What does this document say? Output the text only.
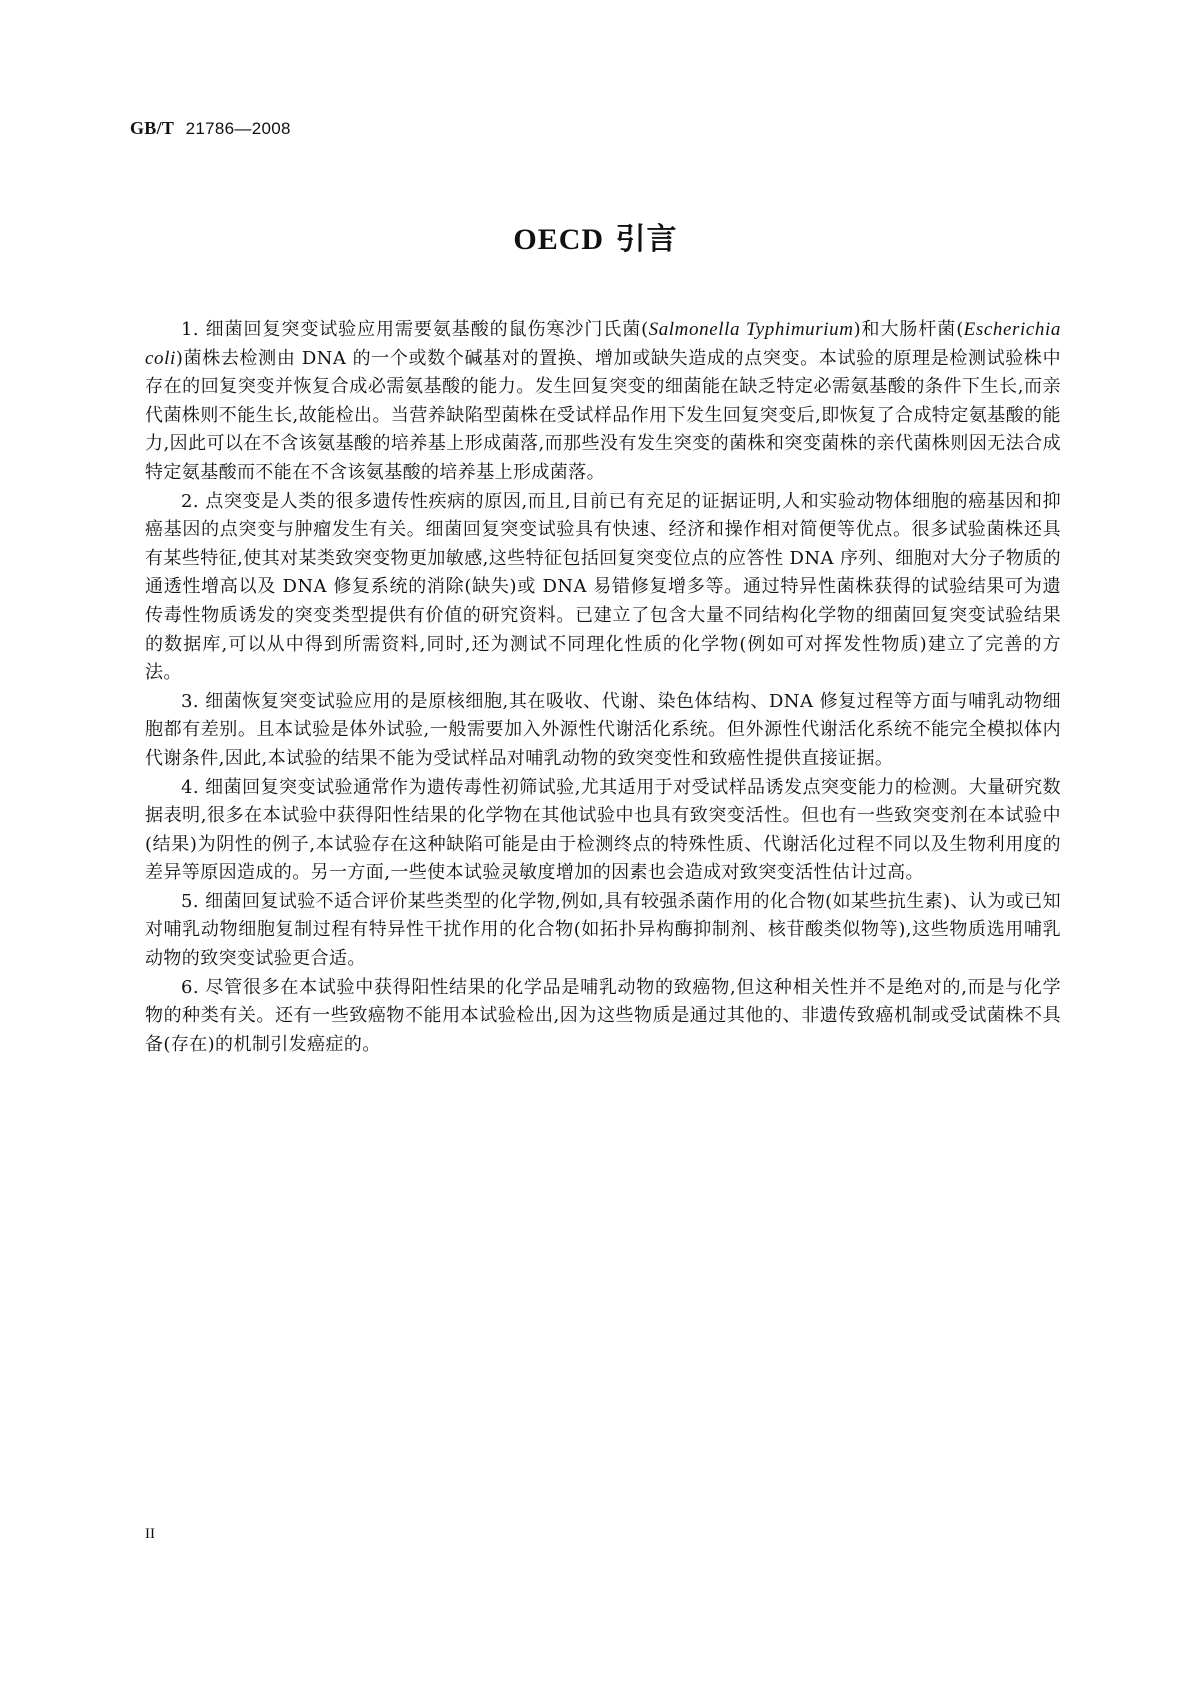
GB/T 21786—2008
OECD 引言

1. 细菌回复突变试验应用需要氨基酸的鼠伤寒沙门氏菌(Salmonella Typhimurium)和大肠杆菌(Escherichia coli)菌株去检测由 DNA 的一个或数个碱基对的置换、增加或缺失造成的点突变。本试验的原理是检测试验株中存在的回复突变并恢复合成必需氨基酸的能力。发生回复突变的细菌能在缺乏特定必需氨基酸的条件下生长,而亲代菌株则不能生长,故能检出。当营养缺陷型菌株在受试样品作用下发生回复突变后,即恢复了合成特定氨基酸的能力,因此可以在不含该氨基酸的培养基上形成菌落,而那些没有发生突变的菌株和突变菌株的亲代菌株则因无法合成特定氨基酸而不能在不含该氨基酸的培养基上形成菌落。

2. 点突变是人类的很多遗传性疾病的原因,而且,目前已有充足的证据证明,人和实验动物体细胞的癌基因和抑癌基因的点突变与肿瘤发生有关。细菌回复突变试验具有快速、经济和操作相对简便等优点。很多试验菌株还具有某些特征,使其对某类致突变物更加敏感,这些特征包括回复突变位点的应答性 DNA 序列、细胞对大分子物质的通透性增高以及 DNA 修复系统的消除(缺失)或 DNA 易错修复增多等。通过特异性菌株获得的试验结果可为遗传毒性物质诱发的突变类型提供有价值的研究资料。已建立了包含大量不同结构化学物的细菌回复突变试验结果的数据库,可以从中得到所需资料,同时,还为测试不同理化性质的化学物(例如可对挥发性物质)建立了完善的方法。

3. 细菌恢复突变试验应用的是原核细胞,其在吸收、代谢、染色体结构、DNA 修复过程等方面与哺乳动物细胞都有差别。且本试验是体外试验,一般需要加入外源性代谢活化系统。但外源性代谢活化系统不能完全模拟体内代谢条件,因此,本试验的结果不能为受试样品对哺乳动物的致突变性和致癌性提供直接证据。

4. 细菌回复突变试验通常作为遗传毒性初筛试验,尤其适用于对受试样品诱发点突变能力的检测。大量研究数据表明,很多在本试验中获得阳性结果的化学物在其他试验中也具有致突变活性。但也有一些致突变剂在本试验中(结果)为阴性的例子,本试验存在这种缺陷可能是由于检测终点的特殊性质、代谢活化过程不同以及生物利用度的差异等原因造成的。另一方面,一些使本试验灵敏度增加的因素也会造成对致突变活性估计过高。

5. 细菌回复试验不适合评价某些类型的化学物,例如,具有较强杀菌作用的化合物(如某些抗生素)、认为或已知对哺乳动物细胞复制过程有特异性干扰作用的化合物(如拓扑异构酶抑制剂、核苷酸类似物等),这些物质选用哺乳动物的致突变试验更合适。

6. 尽管很多在本试验中获得阳性结果的化学品是哺乳动物的致癌物,但这种相关性并不是绝对的,而是与化学物的种类有关。还有一些致癌物不能用本试验检出,因为这些物质是通过其他的、非遗传致癌机制或受试菌株不具备(存在)的机制引发癌症的。

II
